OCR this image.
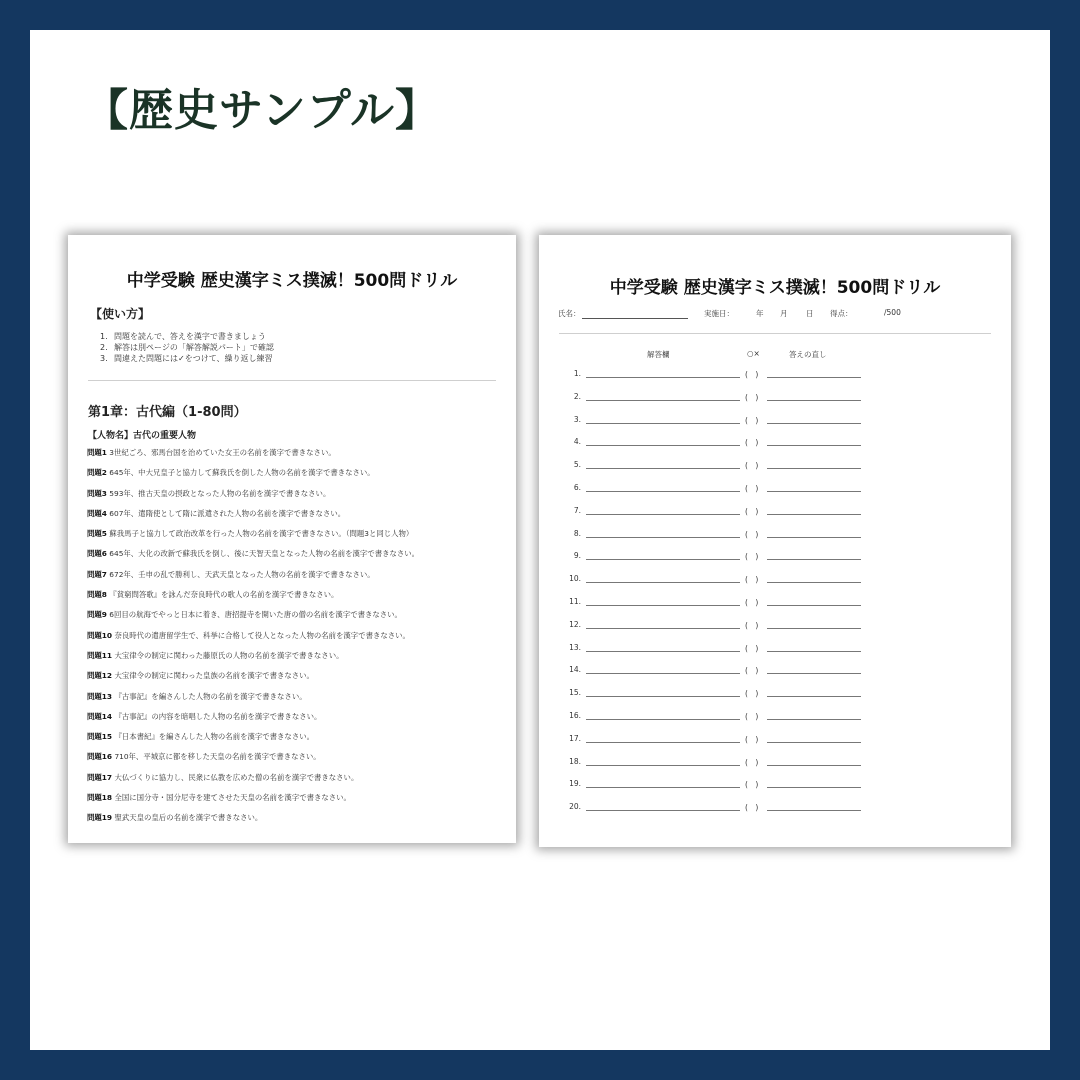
【歴史サンプル】
中学受験 歴史漢字ミス撲滅！500問ドリル
【使い方】
1. 問題を読んで、答えを漢字で書きましょう
2. 解答は別ページの「解答解説パート」で確認
3. 間違えた問題には✓をつけて、繰り返し練習
第1章：古代編（1-80問）
【人物名】古代の重要人物
問題1 3世紀ごろ、邪馬台国を治めていた女王の名前を漢字で書きなさい。
問題2 645年、中大兄皇子と協力して蘇我氏を倒した人物の名前を漢字で書きなさい。
問題3 593年、推古天皇の摂政となった人物の名前を漢字で書きなさい。
問題4 607年、遣隋使として隋に派遣された人物の名前を漢字で書きなさい。
問題5 蘇我馬子と協力して政治改革を行った人物の名前を漢字で書きなさい。（問題3と同じ人物）
問題6 645年、大化の改新で蘇我氏を倒し、後に天智天皇となった人物の名前を漢字で書きなさい。
問題7 672年、壬申の乱で勝利し、天武天皇となった人物の名前を漢字で書きなさい。
問題8 『貧窮問答歌』を詠んだ奈良時代の歌人の名前を漢字で書きなさい。
問題9 6回目の航海でやっと日本に着き、唐招提寺を開いた唐の僧の名前を漢字で書きなさい。
問題10 奈良時代の遣唐留学生で、科挙に合格して役人となった人物の名前を漢字で書きなさい。
問題11 大宝律令の制定に関わった藤原氏の人物の名前を漢字で書きなさい。
問題12 大宝律令の制定に関わった皇族の名前を漢字で書きなさい。
問題13 『古事記』を編さんした人物の名前を漢字で書きなさい。
問題14 『古事記』の内容を暗唱した人物の名前を漢字で書きなさい。
問題15 『日本書紀』を編さんした人物の名前を漢字で書きなさい。
問題16 710年、平城京に都を移した天皇の名前を漢字で書きなさい。
問題17 大仏づくりに協力し、民衆に仏教を広めた僧の名前を漢字で書きなさい。
問題18 全国に国分寺・国分尼寺を建てさせた天皇の名前を漢字で書きなさい。
問題19 聖武天皇の皇后の名前を漢字で書きなさい。
中学受験 歴史漢字ミス撲滅！500問ドリル
氏名：	実施日：	年 月 日 得点：	/500
解答欄	○×	答えの直し
1.	(　)
2.	(　)
3.	(　)
4.	(　)
5.	(　)
6.	(　)
7.	(　)
8.	(　)
9.	(　)
10.	(　)
11.	(　)
12.	(　)
13.	(　)
14.	(　)
15.	(　)
16.	(　)
17.	(　)
18.	(　)
19.	(　)
20.	(　)
